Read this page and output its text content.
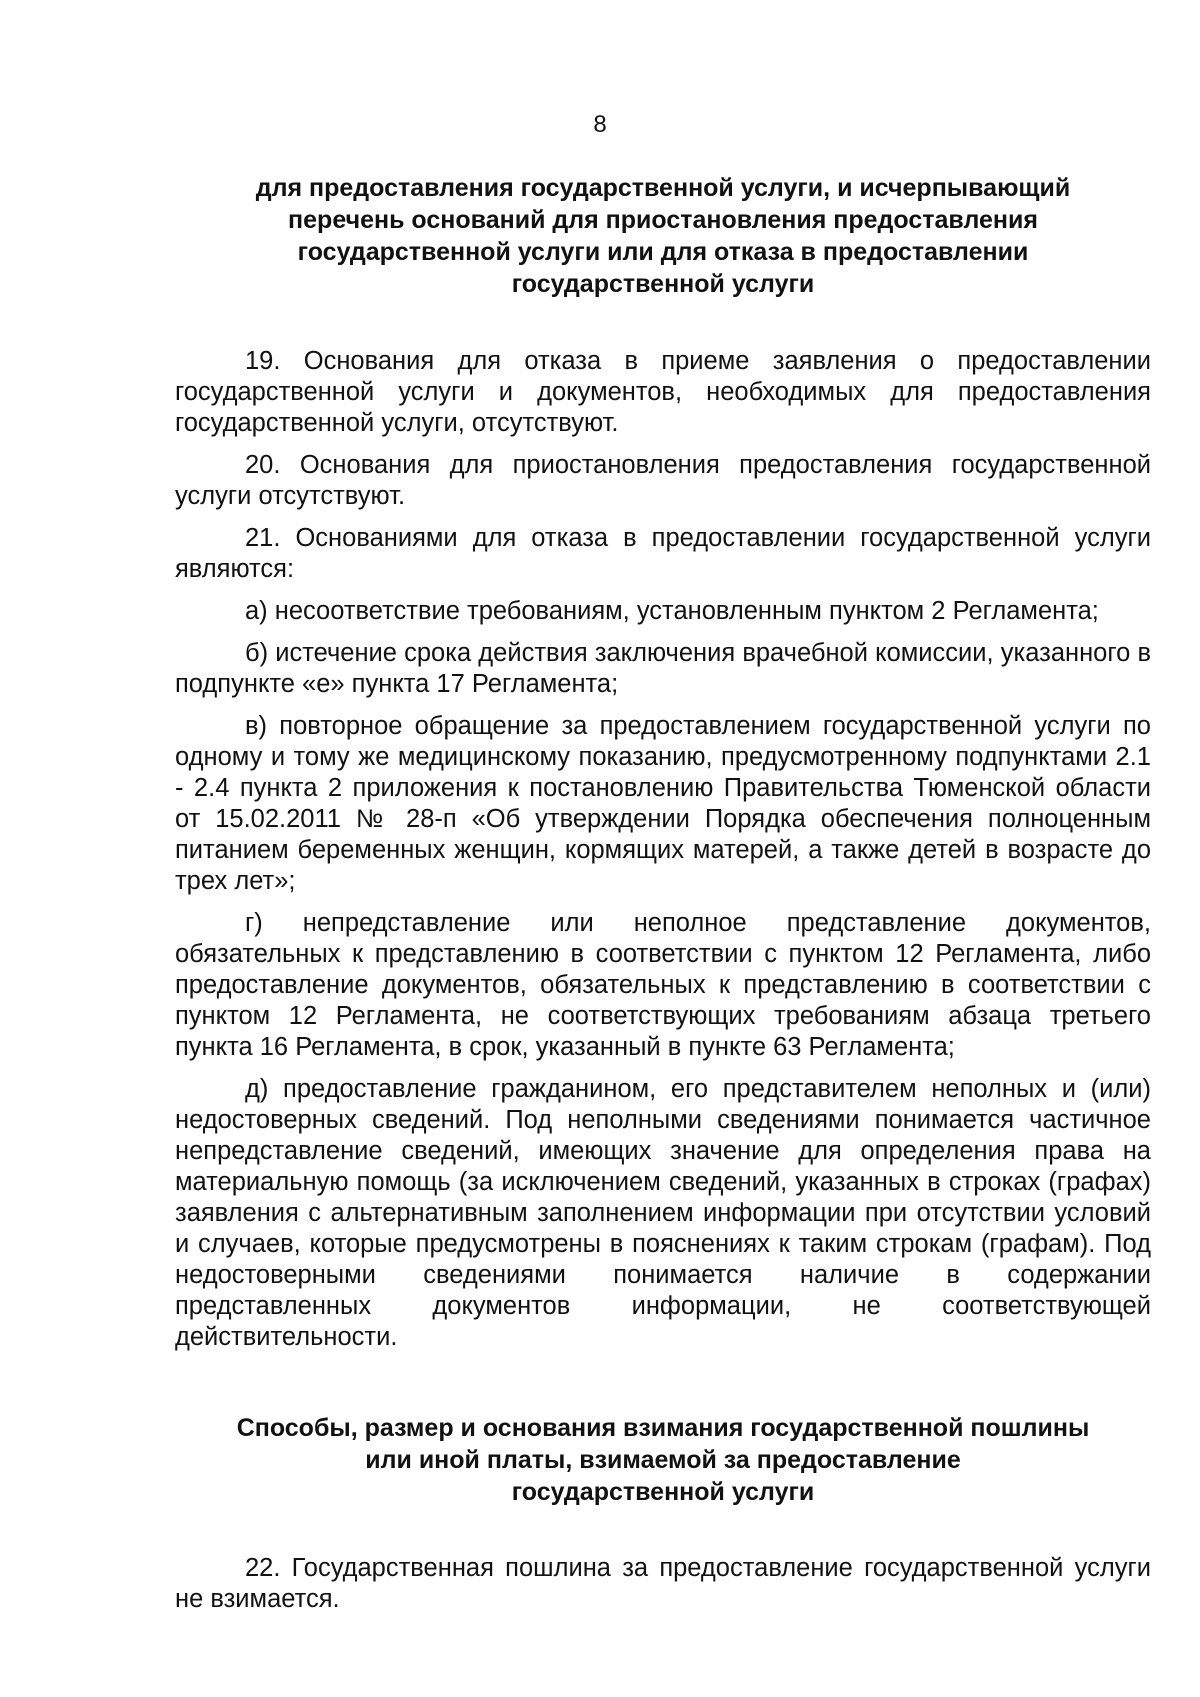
8
для предоставления государственной услуги, и исчерпывающий
перечень оснований для приостановления предоставления
государственной услуги или для отказа в предоставлении
государственной услуги

19. Основания для отказа в приеме заявления о предоставлении государственной услуги и документов, необходимых для предоставления государственной услуги, отсутствуют.

20. Основания для приостановления предоставления государственной услуги отсутствуют.

21. Основаниями для отказа в предоставлении государственной услуги являются:

а) несоответствие требованиям, установленным пунктом 2 Регламента;

б) истечение срока действия заключения врачебной комиссии, указанного в подпункте «е» пункта 17 Регламента;

в) повторное обращение за предоставлением государственной услуги по одному и тому же медицинскому показанию, предусмотренному подпунктами 2.1 - 2.4 пункта 2 приложения к постановлению Правительства Тюменской области от 15.02.2011 № 28-п «Об утверждении Порядка обеспечения полноценным питанием беременных женщин, кормящих матерей, а также детей в возрасте до трех лет»;

г) непредставление или неполное представление документов, обязательных к представлению в соответствии с пунктом 12 Регламента, либо предоставление документов, обязательных к представлению в соответствии с пунктом 12 Регламента, не соответствующих требованиям абзаца третьего пункта 16 Регламента, в срок, указанный в пункте 63 Регламента;

д) предоставление гражданином, его представителем неполных и (или) недостоверных сведений. Под неполными сведениями понимается частичное непредставление сведений, имеющих значение для определения права на материальную помощь (за исключением сведений, указанных в строках (графах) заявления с альтернативным заполнением информации при отсутствии условий и случаев, которые предусмотрены в пояснениях к таким строкам (графам). Под недостоверными сведениями понимается наличие в содержании представленных документов информации, не соответствующей действительности.

Способы, размер и основания взимания государственной пошлины
или иной платы, взимаемой за предоставление
государственной услуги

22. Государственная пошлина за предоставление государственной услуги не взимается.
